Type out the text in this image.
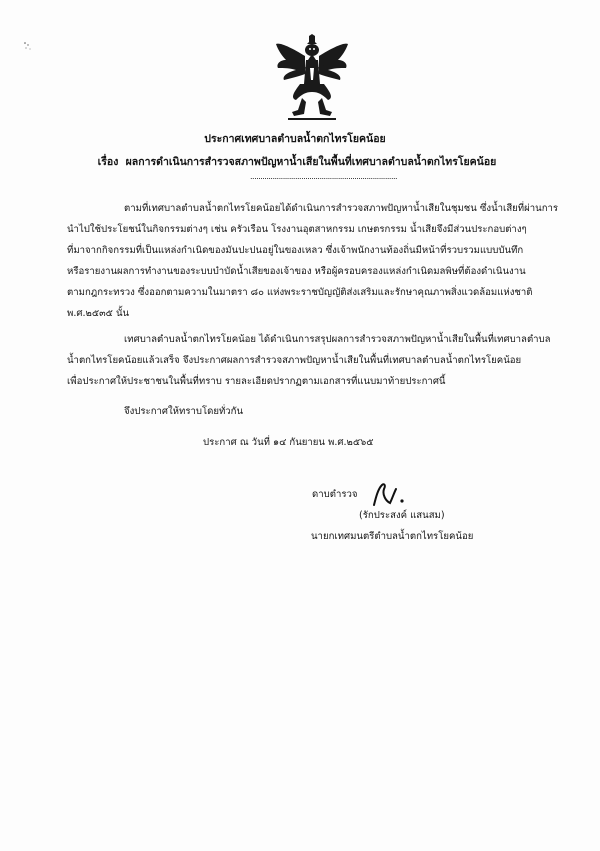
ประกาศเทศบาลตำบลน้ำตกไทรโยคน้อย
เรื่อง ผลการดำเนินการสำรวจสภาพปัญหาน้ำเสียในพื้นที่เทศบาลตำบลน้ำตกไทรโยคน้อย
........................................................................
ตามที่เทศบาลตำบลน้ำตกไทรโยคน้อยได้ดำเนินการสำรวจสภาพปัญหาน้ำเสียในชุมชน ซึ่งน้ำเสียที่ผ่านการ
นำไปใช้ประโยชน์ในกิจกรรมต่างๆ เช่น ครัวเรือน โรงงานอุตสาหกรรม เกษตรกรรม น้ำเสียจึงมีส่วนประกอบต่างๆ
ที่มาจากกิจกรรมที่เป็นแหล่งกำเนิดของมันปะปนอยู่ในของเหลว ซึ่งเจ้าพนักงานท้องถิ่นมีหน้าที่รวบรวมแบบบันทึก
หรือรายงานผลการทำงานของระบบบำบัดน้ำเสียของเจ้าของ หรือผู้ครอบครองแหล่งกำเนิดมลพิษที่ต้องดำเนินงาน
ตามกฎกระทรวง ซึ่งออกตามความในมาตรา ๘๐ แห่งพระราชบัญญัติส่งเสริมและรักษาคุณภาพสิ่งแวดล้อมแห่งชาติ
พ.ศ.๒๕๓๕ นั้น
เทศบาลตำบลน้ำตกไทรโยคน้อย ได้ดำเนินการสรุปผลการสำรวจสภาพปัญหาน้ำเสียในพื้นที่เทศบาลตำบล
น้ำตกไทรโยคน้อยแล้วเสร็จ จึงประกาศผลการสำรวจสภาพปัญหาน้ำเสียในพื้นที่เทศบาลตำบลน้ำตกไทรโยคน้อย
เพื่อประกาศให้ประชาชนในพื้นที่ทราบ รายละเอียดปรากฏตามเอกสารที่แนบมาท้ายประกาศนี้
จึงประกาศให้ทราบโดยทั่วกัน
ประกาศ ณ วันที่ ๑๔ กันยายน พ.ศ.๒๕๖๕
ดาบตำรวจ
(รักประสงค์ แสนสม)
นายกเทศมนตรีตำบลน้ำตกไทรโยคน้อย
